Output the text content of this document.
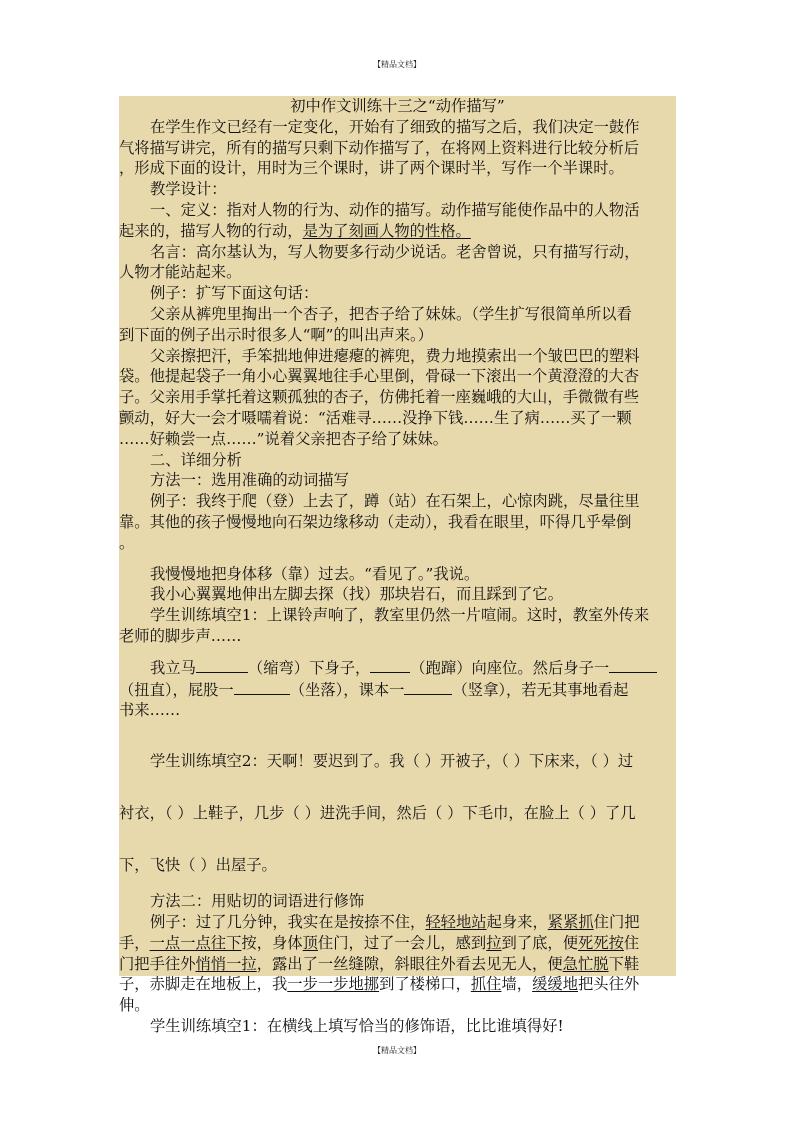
【精品文档】

初中作文训练十三之“动作描写”

在学生作文已经有一定变化，开始有了细致的描写之后，我们决定一鼓作

气将描写讲完，所有的描写只剩下动作描写了，在将网上资料进行比较分析后

，形成下面的设计，用时为三个课时，讲了两个课时半，写作一个半课时。

教学设计：

一、定义：指对人物的行为、动作的描写。动作描写能使作品中的人物活

起来的，描写人物的行动，是为了刻画人物的性格。

名言：高尔基认为，写人物要多行动少说话。老舍曾说，只有描写行动，

人物才能站起来。

例子：扩写下面这句话：

父亲从裤兜里掏出一个杏子，把杏子给了妹妹。（学生扩写很简单所以看

到下面的例子出示时很多人“啊”的叫出声来。）

父亲擦把汗，手笨拙地伸进瘪瘪的裤兜，费力地摸索出一个皱巴巴的塑料

袋。他提起袋子一角小心翼翼地往手心里倒，骨碌一下滚出一个黄澄澄的大杏

子。父亲用手掌托着这颗孤独的杏子，仿佛托着一座巍峨的大山，手微微有些

颤动，好大一会才嗫嚅着说：“活难寻……没挣下钱……生了病……买了一颗

……好赖尝一点……”说着父亲把杏子给了妹妹。

二、详细分析

方法一：选用准确的动词描写

例子：我终于爬（登）上去了，蹲（站）在石架上，心惊肉跳，尽量往里

靠。其他的孩子慢慢地向石架边缘移动（走动），我看在眼里，吓得几乎晕倒

。

我慢慢地把身体移（靠）过去。“看见了。”我说。

我小心翼翼地伸出左脚去探（找）那块岩石，而且踩到了它。

学生训练填空1：上课铃声响了，教室里仍然一片喧闹。这时，教室外传来

老师的脚步声……

我立马	（缩弯）下身子，	（跑蹿）向座位。然后身子一

（扭直），屁股一	（坐落），课本一	（竖拿），若无其事地看起

书来……

学生训练填空2：天啊！要迟到了。我（ ）开被子，（ ）下床来，（ ）过

衬衣，（ ）上鞋子，几步（ ）进洗手间，然后（ ）下毛巾，在脸上（ ）了几

下，飞快（ ）出屋子。

方法二：用贴切的词语进行修饰

例子：过了几分钟，我实在是按捺不住，轻轻地站起身来，紧紧抓住门把

手，一点一点往下按，身体顶住门，过了一会儿，感到拉到了底，便死死按住

门把手往外悄悄一拉，露出了一丝缝隙，斜眼往外看去见无人，便急忙脱下鞋

子，赤脚走在地板上，我一步一步地挪到了楼梯口，抓住墙，缓缓地把头往外

伸。

学生训练填空1：在横线上填写恰当的修饰语，比比谁填得好!

【精品文档】
